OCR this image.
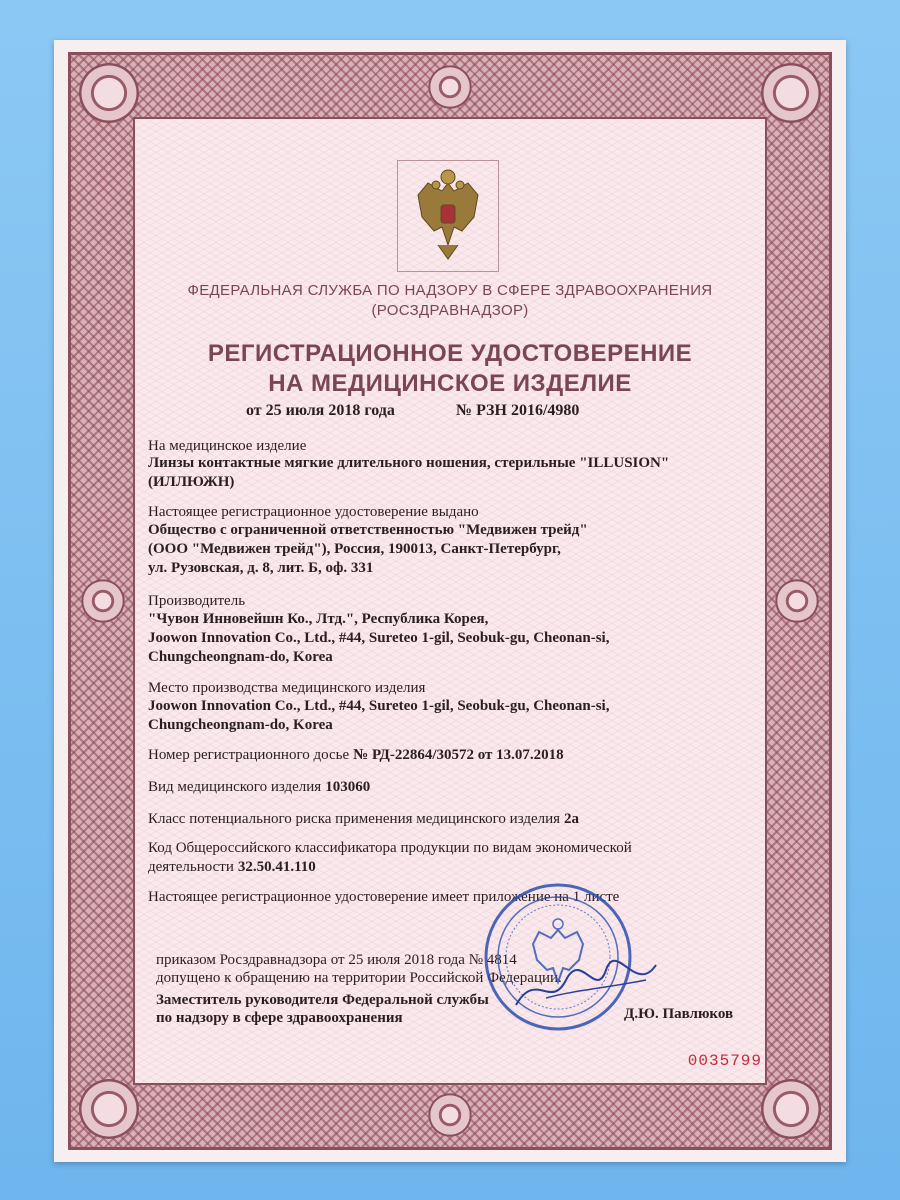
ФЕДЕРАЛЬНАЯ СЛУЖБА ПО НАДЗОРУ В СФЕРЕ ЗДРАВООХРАНЕНИЯ
(РОСЗДРАВНАДЗОР)
РЕГИСТРАЦИОННОЕ УДОСТОВЕРЕНИЕ
НА МЕДИЦИНСКОЕ ИЗДЕЛИЕ
от 25 июля 2018 года	№ РЗН 2016/4980
На медицинское изделие
Линзы контактные мягкие длительного ношения, стерильные "ILLUSION"
(ИЛЛЮЖН)
Настоящее регистрационное удостоверение выдано
Общество с ограниченной ответственностью "Медвижен трейд"
(ООО "Медвижен трейд"), Россия, 190013, Санкт-Петербург,
ул. Рузовская, д. 8, лит. Б, оф. 331
Производитель
"Чувон Инновейшн Ко., Лтд.", Республика Корея,
Joowon Innovation Co., Ltd., #44, Sureteo 1-gil, Seobuk-gu, Cheonan-si,
Chungcheongnam-do, Korea
Место производства медицинского изделия
Joowon Innovation Co., Ltd., #44, Sureteo 1-gil, Seobuk-gu, Cheonan-si,
Chungcheongnam-do, Korea
Номер регистрационного досье № РД-22864/30572 от 13.07.2018
Вид медицинского изделия 103060
Класс потенциального риска применения медицинского изделия 2а
Код Общероссийского классификатора продукции по видам экономической
деятельности 32.50.41.110
Настоящее регистрационное удостоверение имеет приложение на 1 листе
приказом Росздравнадзора от 25 июля 2018 года № 4814
допущено к обращению на территории Российской Федерации.
Заместитель руководителя Федеральной службы
по надзору в сфере здравоохранения	Д.Ю. Павлюков
0035799
